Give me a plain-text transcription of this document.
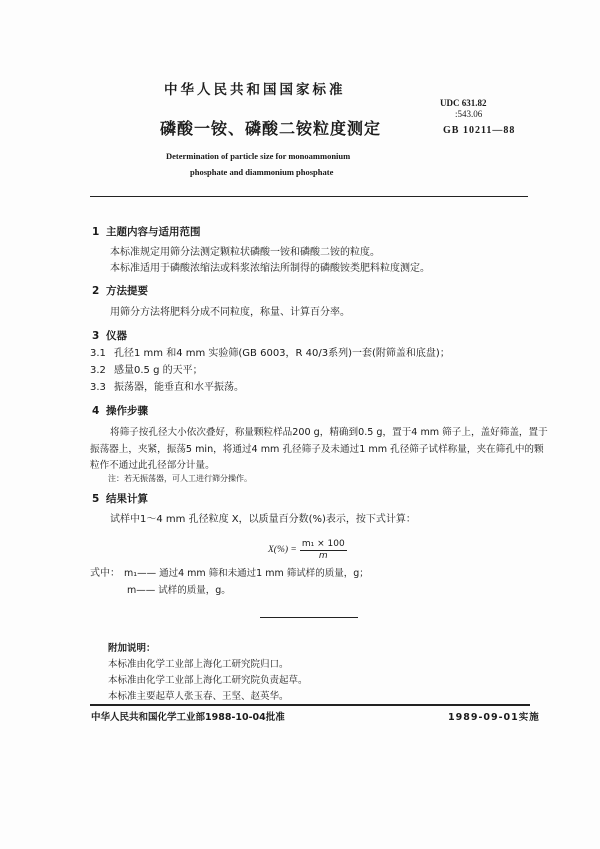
中华人民共和国国家标准
UDC 631.82
:543.06
磷酸一铵、磷酸二铵粒度测定	GB 10211—88
Determination of particle size for monoammonium
phosphate and diammonium phosphate
1 主题内容与适用范围
本标准规定用筛分法测定颗粒状磷酸一铵和磷酸二铵的粒度。
本标准适用于磷酸浓缩法或料浆浓缩法所制得的磷酸铵类肥料粒度测定。
2 方法提要
用筛分方法将肥料分成不同粒度，称量、计算百分率。
3 仪器
3.1 孔径1 mm 和4 mm 实验筛(GB 6003，R 40/3系列)一套(附筛盖和底盘)；
3.2 感量0.5 g 的天平；
3.3 振荡器，能垂直和水平振荡。
4 操作步骤
将筛子按孔径大小依次叠好，称量颗粒样品200 g，精确到0.5 g，置于4 mm 筛子上，盖好筛盖，置于
振荡器上，夹紧，振荡5 min，将通过4 mm 孔径筛子及未通过1 mm 孔径筛子试样称量，夹在筛孔中的颗
粒作不通过此孔径部分计量。
注：若无振荡器，可人工进行筛分操作。
5 结果计算
试样中1～4 mm 孔径粒度 X，以质量百分数(%)表示，按下式计算：
$X(\%) = \frac{\text{m₁ × 100}}{m}$
式中： m₁—— 通过4 mm 筛和未通过1 mm 筛试样的质量，g；
m—— 试样的质量，g。
附加说明：
本标准由化学工业部上海化工研究院归口。
本标准由化学工业部上海化工研究院负责起草。
本标准主要起草人张玉春、王坚、赵英华。
中华人民共和国化学工业部1988-10-04批准	1989-09-01实施
